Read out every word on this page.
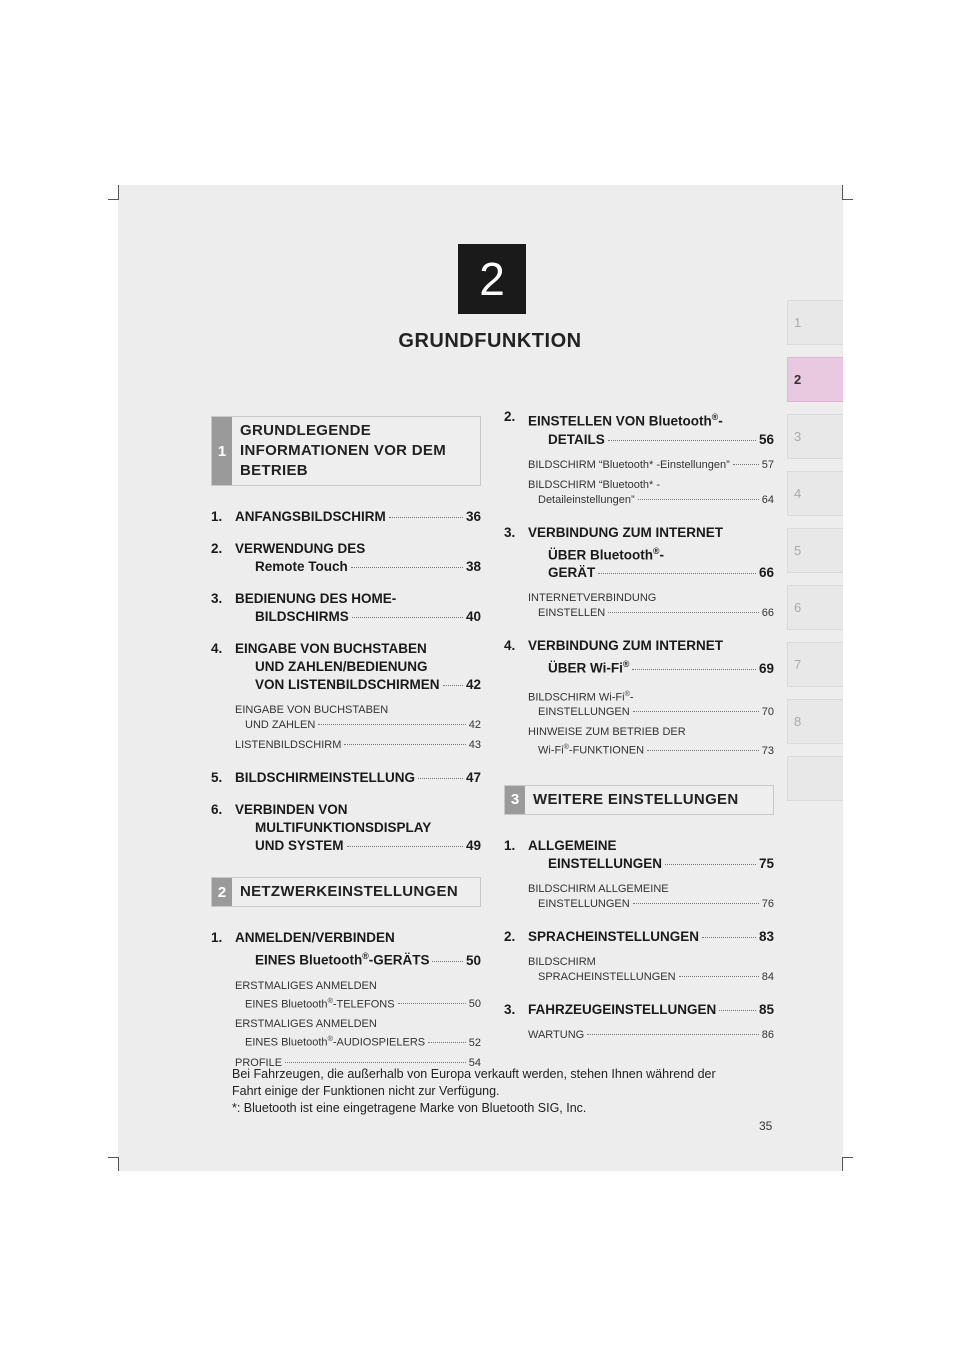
2
GRUNDFUNKTION
1
2
3
4
5
6
7
8
1
GRUNDLEGENDE
INFORMATIONEN VOR DEM
BETRIEB
1. ANFANGSBILDSCHIRM	36
2. VERWENDUNG DES
Remote Touch	38
3. BEDIENUNG DES HOME-
BILDSCHIRMS	40
4. EINGABE VON BUCHSTABEN
UND ZAHLEN/BEDIENUNG
VON LISTENBILDSCHIRMEN 42
EINGABE VON BUCHSTABEN
UND ZAHLEN	42
LISTENBILDSCHIRM	43
5. BILDSCHIRMEINSTELLUNG	47
6. VERBINDEN VON
MULTIFUNKTIONSDISPLAY
UND SYSTEM	49
2 NETZWERKEINSTELLUNGEN
1. ANMELDEN/VERBINDEN
EINES Bluetooth®-GERÄTS	50
ERSTMALIGES ANMELDEN
EINES Bluetooth®-TELEFONS	50
ERSTMALIGES ANMELDEN
EINES Bluetooth®-AUDIOSPIELERS	52
PROFILE	54
2. EINSTELLEN VON Bluetooth®-
DETAILS	56
BILDSCHIRM “Bluetooth* -Einstellungen”	57
BILDSCHIRM “Bluetooth* -
Detaileinstellungen”	64
3. VERBINDUNG ZUM INTERNET
ÜBER Bluetooth®-
GERÄT	66
INTERNETVERBINDUNG
EINSTELLEN	66
4. VERBINDUNG ZUM INTERNET
ÜBER Wi-Fi®	69
BILDSCHIRM Wi-Fi®-
EINSTELLUNGEN	70
HINWEISE ZUM BETRIEB DER
Wi-Fi®-FUNKTIONEN	73
3 WEITERE EINSTELLUNGEN
1. ALLGEMEINE
EINSTELLUNGEN	75
BILDSCHIRM ALLGEMEINE
EINSTELLUNGEN	76
2. SPRACHEINSTELLUNGEN	83
BILDSCHIRM
SPRACHEINSTELLUNGEN	84
3. FAHRZEUGEINSTELLUNGEN	85
WARTUNG	86
Bei Fahrzeugen, die außerhalb von Europa verkauft werden, stehen Ihnen während der
Fahrt einige der Funktionen nicht zur Verfügung.
*: Bluetooth ist eine eingetragene Marke von Bluetooth SIG, Inc.
35
